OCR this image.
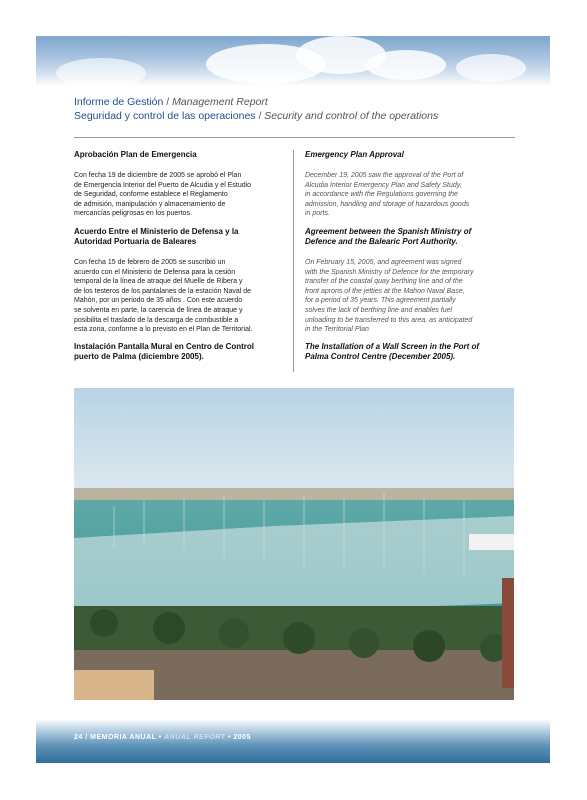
Informe de Gestión / Management Report
Seguridad y control de las operaciones / Security and control of the operations
Aprobación Plan de Emergencia
Con fecha 19 de diciembre de 2005 se aprobó el Plan
de Emergencia Interior del Puerto de Alcudia y el Estudio
de Seguridad, conforme establece el Reglamento
de admisión, manipulación y almacenamiento de
mercancías peligrosas en los puertos.
Acuerdo Entre el Ministerio de Defensa y la
Autoridad Portuaria de Baleares
Con fecha 15 de febrero de 2005 se suscribió un
acuerdo con el Ministerio de Defensa para la cesión
temporal de la línea de atraque del Muelle de Ribera y
de los testeros de los pantalanes de la estación Naval de
Mahón, por un periodo de 35 años . Con este acuerdo
se solventa en parte, la carencia de línea de atraque y
posibilita el traslado de la descarga de combustible a
esta zona, conforme a lo previsto en el Plan de Territorial.
Instalación Pantalla Mural en Centro de Control
puerto de Palma (diciembre 2005).
Emergency Plan Approval
December 19, 2005 saw the approval of the Port of
Alcudia Interior Emergency Plan and Safety Study,
in accordance with the Regulations governing the
admission, handling and storage of hazardous goods
in ports.
Agreement between the Spanish Ministry of
Defence and the Balearic Port Authority.
On February 15, 2005, and agreement was signed
with the Spanish Ministry of Defence for the temporary
transfer of the coastal quay berthing line and of the
front aprons of the jetties at the Mahon Naval Base,
for a period of 35 years. This agreement partially
solves the lack of berthing line and enables fuel
unloading to be transferred to this area, as anticipated
in the Territorial Plan
The Installation of a Wall Screen in the Port of
Palma Control Centre (December 2005).
24 / MEMORIA ANUAL • ANUAL REPORT • 2005
